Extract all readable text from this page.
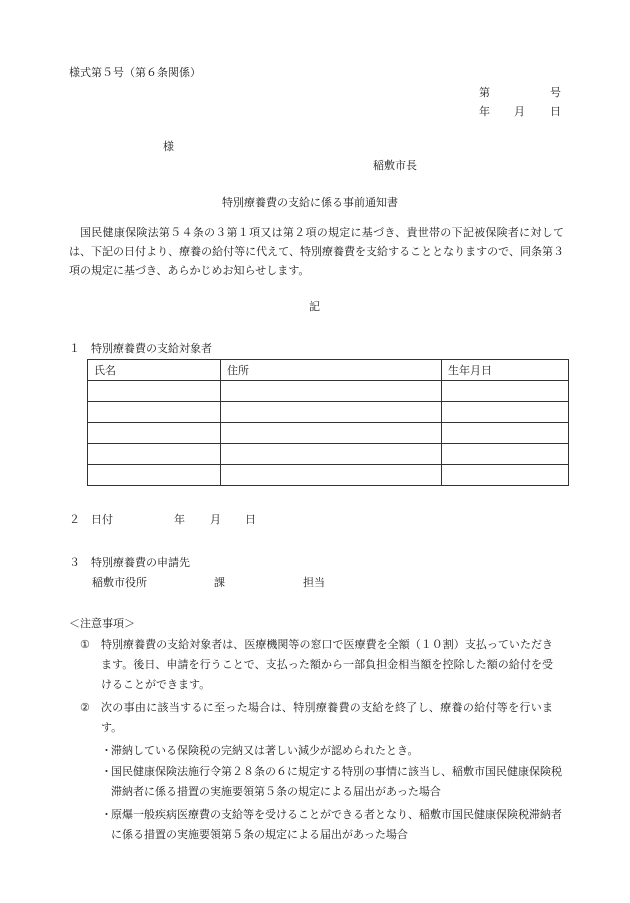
様式第５号（第６条関係）
第	号
年 月 日
様
稲敷市長
特別療養費の支給に係る事前通知書
国民健康保険法第５４条の３第１項又は第２項の規定に基づき、貴世帯の下記被保険者に対しては、下記の日付より、療養の給付等に代えて、特別療養費を支給することとなりますので、同条第３項の規定に基づき、あらかじめお知らせします。
記
１　特別療養費の支給対象者
氏名	住所	生年月日

２　日付	年 月 日
３　特別療養費の申請先
稲敷市役所	課	担当
＜注意事項＞
① 特別療養費の支給対象者は、医療機関等の窓口で医療費を全額（１０割）支払っていただきます。後日、申請を行うことで、支払った額から一部負担金相当額を控除した額の給付を受けることができます。
② 次の事由に該当するに至った場合は、特別療養費の支給を終了し、療養の給付等を行います。
・ 滞納している保険税の完納又は著しい減少が認められたとき。
・ 国民健康保険法施行令第２８条の６に規定する特別の事情に該当し、稲敷市国民健康保険税滞納者に係る措置の実施要領第５条の規定による届出があった場合
・ 原爆一般疾病医療費の支給等を受けることができる者となり、稲敷市国民健康保険税滞納者に係る措置の実施要領第５条の規定による届出があった場合
